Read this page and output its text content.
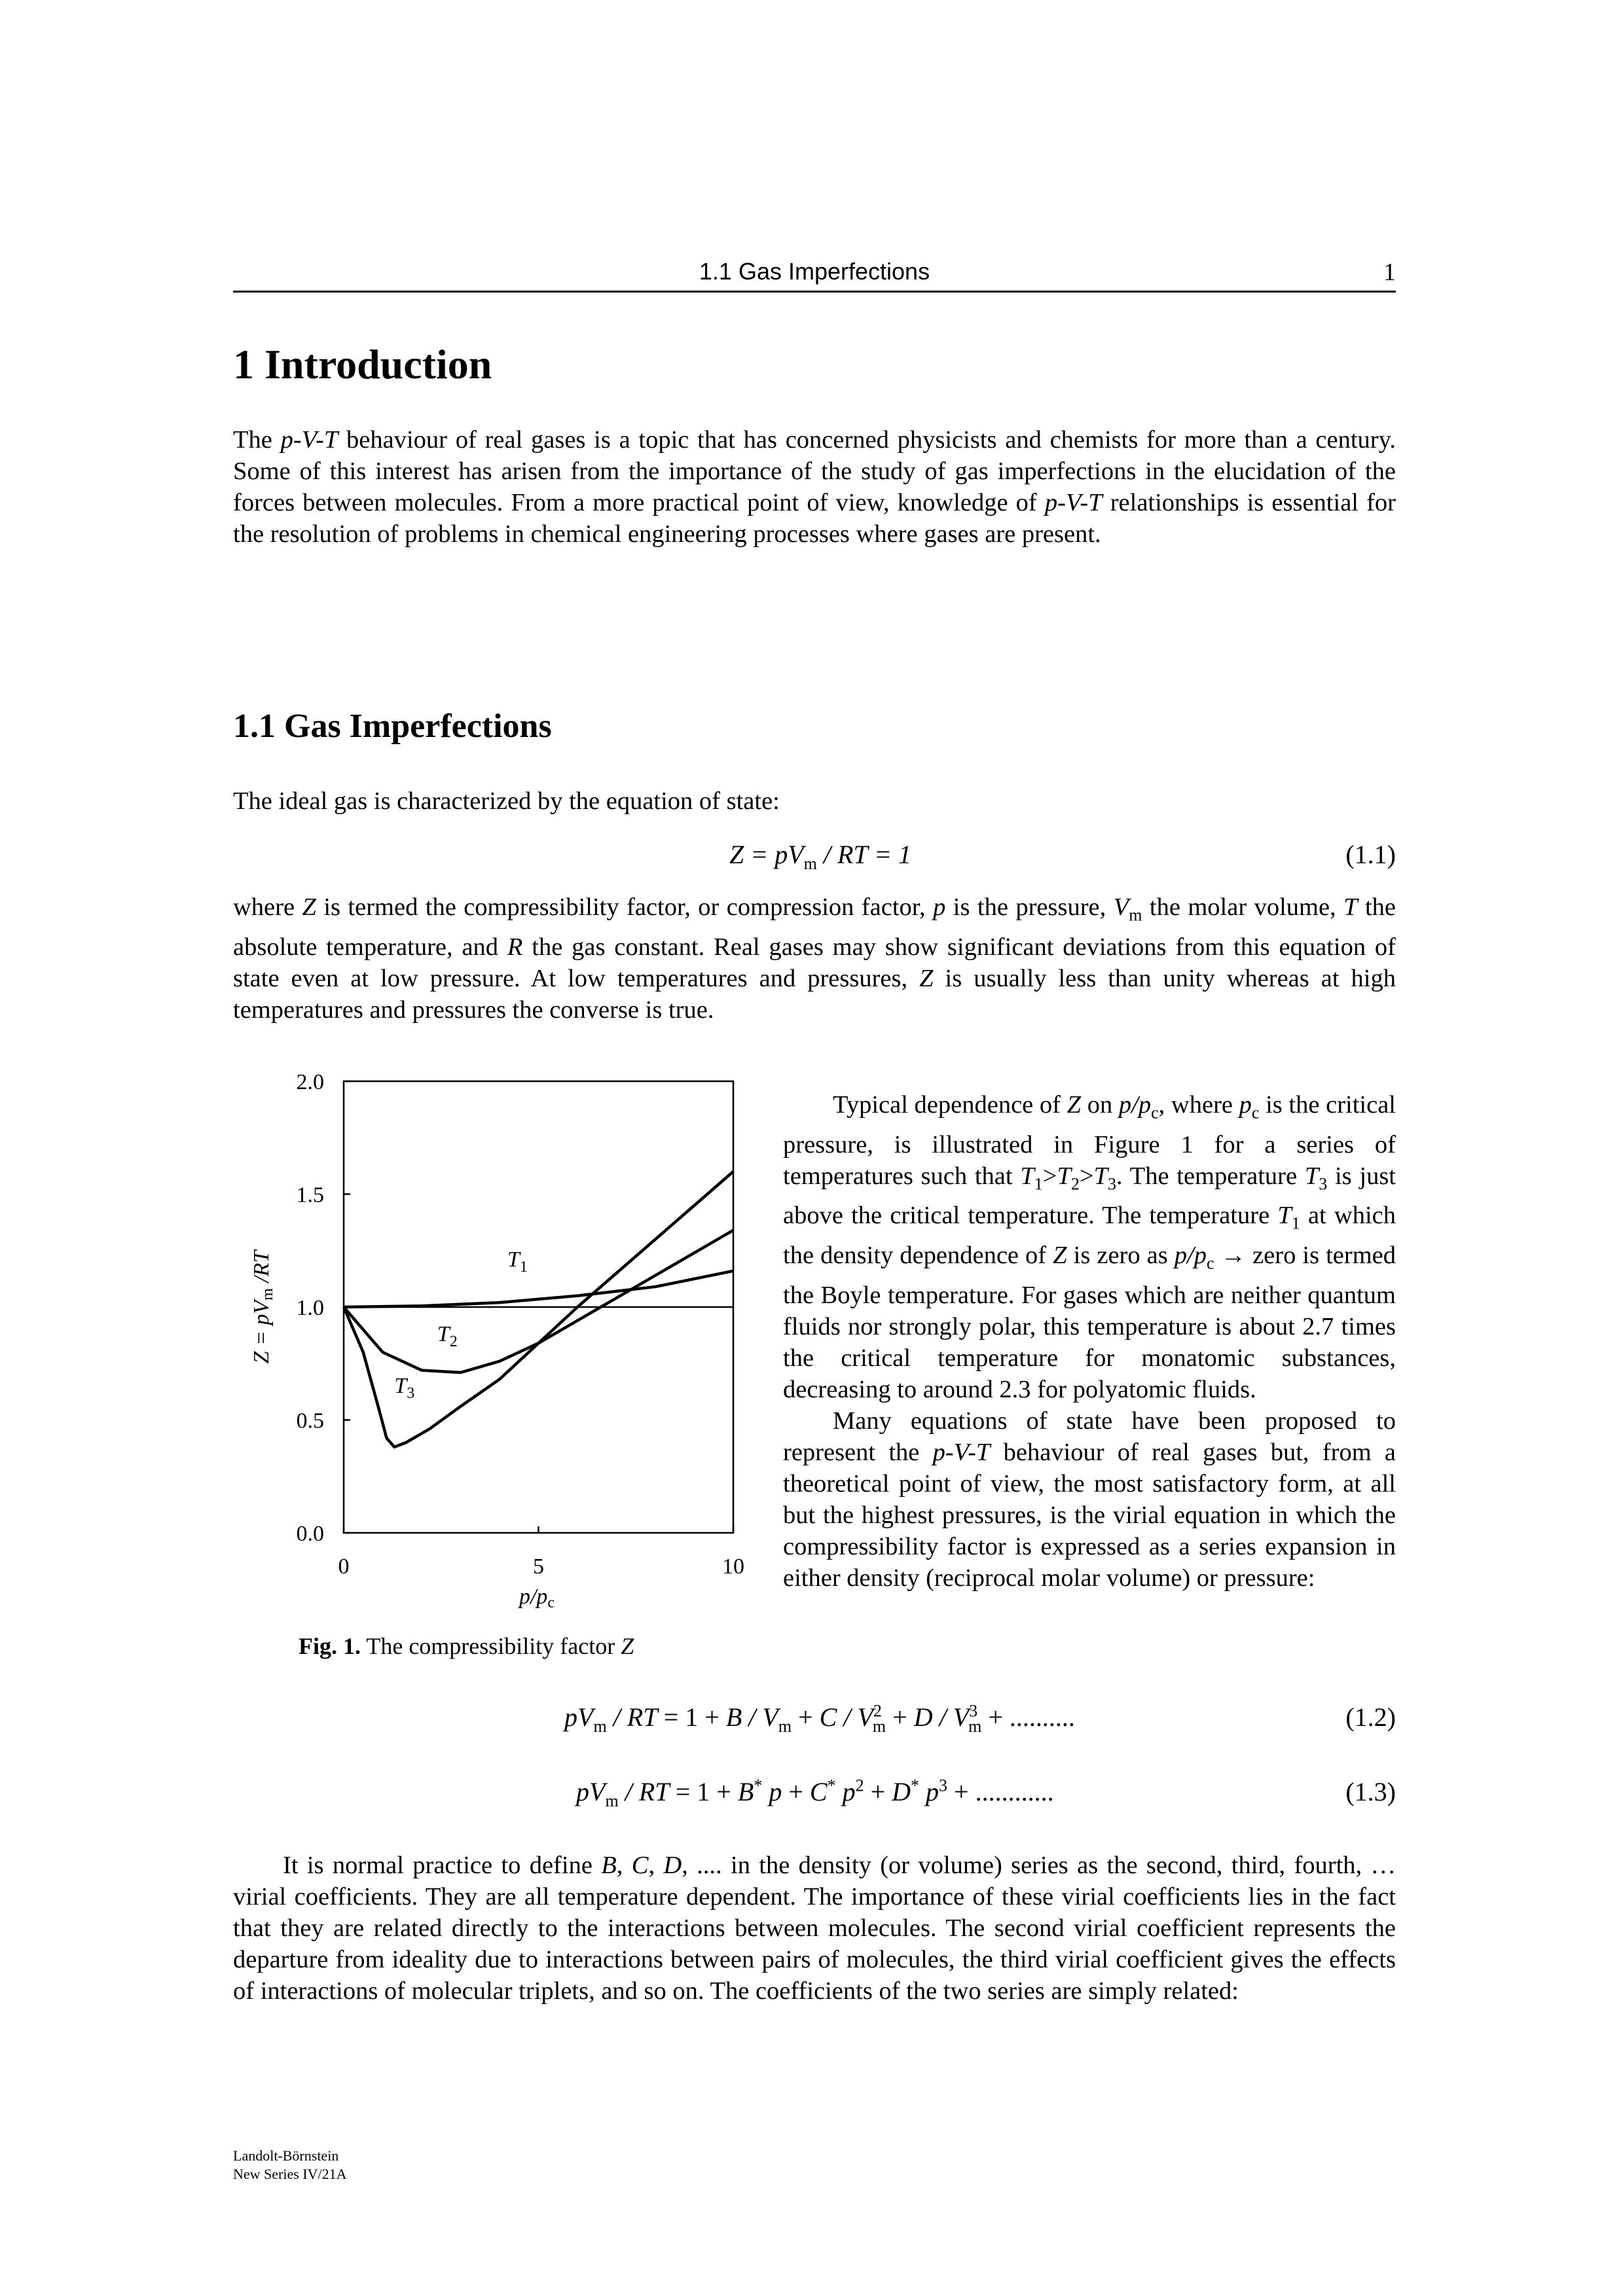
1.1 Gas Imperfections	1
1 Introduction

The p-V-T behaviour of real gases is a topic that has concerned physicists and chemists for more than a century. Some of this interest has arisen from the importance of the study of gas imperfections in the elucidation of the forces between molecules. From a more practical point of view, knowledge of p-V-T relationships is essential for the resolution of problems in chemical engineering processes where gases are present.

1.1 Gas Imperfections

The ideal gas is characterized by the equation of state:

$Z = pV_m$ / RT = 1	(1.1)

where Z is termed the compressibility factor, or compression factor, p is the pressure, $V_m$ the molar volume, T the absolute temperature, and R the gas constant. Real gases may show significant deviations from this equation of state even at low pressure. At low temperatures and pressures, Z is usually less than unity whereas at high temperatures and pressures the converse is true.

0.0
0.5
1.0
1.5
2.0
0	5	10
$T_1$
$T_2$
$T_3$
p/pc
Z = pVm /RT
Fig. 1. The compressibility factor Z

Typical dependence of Z on $p/p_c$, where $p_c$ is the critical pressure, is illustrated in Figure 1 for a series of temperatures such that $T_1>T_2>T_3$. The temperature $T_3$ is just above the critical temperature. The temperature $T_1$ at which the density dependence of Z is zero as $p/p_c$ → zero is termed the Boyle temperature. For gases which are neither quantum fluids nor strongly polar, this temperature is about 2.7 times the critical temperature for monatomic substances, decreasing to around 2.3 for polyatomic fluids.

Many equations of state have been proposed to represent the p-V-T behaviour of real gases but, from a theoretical point of view, the most satisfactory form, at all but the highest pressures, is the virial equation in which the compressibility factor is expressed as a series expansion in either density (reciprocal molar volume) or pressure:

$pV_m$ / RT = $1 + B / V_m + C / V^2_m + D / V^3_m$ + ..........	(1.2)
$pV_m$ / RT = 1 + B* p + C* $p^2 + D^*$ $p^3$ + ............	(1.3)

It is normal practice to define B, C, D, .... in the density (or volume) series as the second, third, fourth, … virial coefficients. They are all temperature dependent. The importance of these virial coefficients lies in the fact that they are related directly to the interactions between molecules. The second virial coefficient represents the departure from ideality due to interactions between pairs of molecules, the third virial coefficient gives the effects of interactions of molecular triplets, and so on. The coefficients of the two series are simply related:

Landolt-Börnstein
New Series IV/21A
